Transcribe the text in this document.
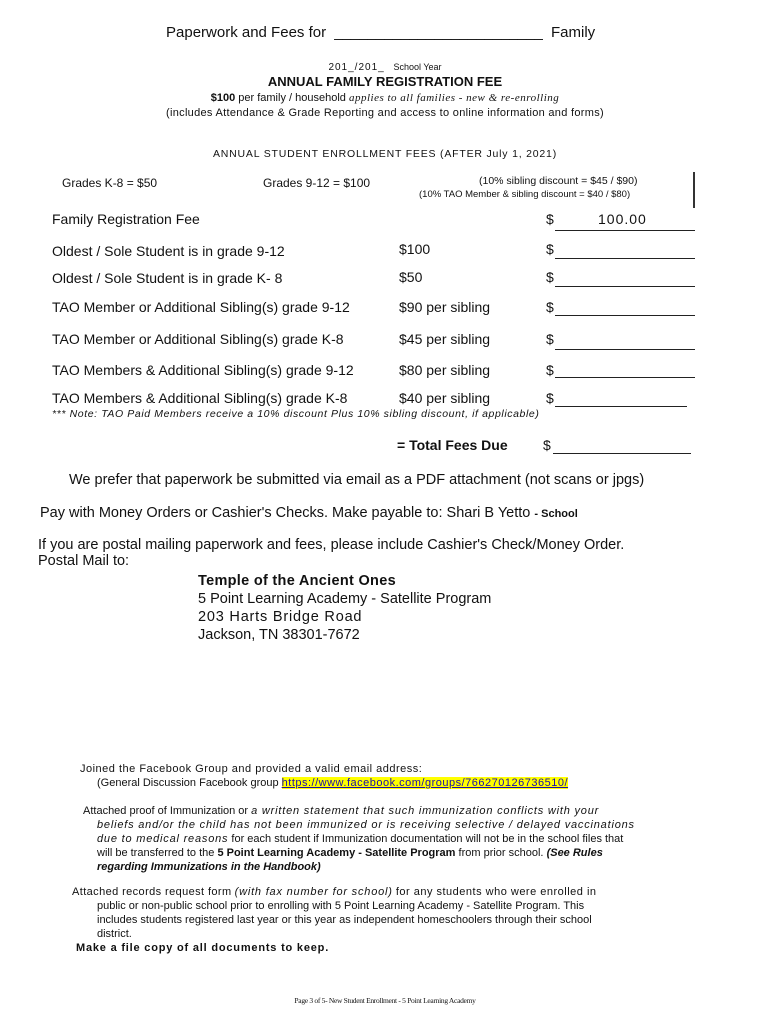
Paperwork and Fees for _________________________ Family
201_/201_ School Year
ANNUAL FAMILY REGISTRATION FEE
$100 per family / household applies to all families - new & re-enrolling
(includes Attendance & Grade Reporting and access to online information and forms)
ANNUAL STUDENT ENROLLMENT FEES (AFTER July 1, 2021)
Grades K-8 = $50	Grades 9-12 = $100	(10% sibling discount = $45 / $90)
(10% TAO Member & sibling discount = $40 / $80)
Family Registration Fee	$	100.00
Oldest / Sole Student is in grade 9-12	$100	$
Oldest / Sole Student is in grade K- 8	$50	$
TAO Member or Additional Sibling(s) grade 9-12	$90 per sibling	$
TAO Member or Additional Sibling(s) grade K-8	$45 per sibling	$
TAO Members & Additional Sibling(s) grade 9-12	$80 per sibling	$
TAO Members & Additional Sibling(s) grade K-8	$40 per sibling	$
*** Note: TAO Paid Members receive a 10% discount Plus 10% sibling discount, if applicable)
= Total Fees Due	$
We prefer that paperwork be submitted via email as a PDF attachment (not scans or jpgs)
Pay with Money Orders or Cashier's Checks. Make payable to: Shari B Yetto - School
If you are postal mailing paperwork and fees, please include Cashier's Check/Money Order.
Postal Mail to:
Temple of the Ancient Ones
5 Point Learning Academy - Satellite Program
203 Harts Bridge Road
Jackson, TN 38301-7672
Joined the Facebook Group and provided a valid email address:
(General Discussion Facebook group https://www.facebook.com/groups/766270126736510/
Attached proof of Immunization or a written statement that such immunization conflicts with your
beliefs and/or the child has not been immunized or is receiving selective / delayed vaccinations
due to medical reasons for each student if Immunization documentation will not be in the school files that
will be transferred to the 5 Point Learning Academy - Satellite Program from prior school. (See Rules
regarding Immunizations in the Handbook)
Attached records request form (with fax number for school) for any students who were enrolled in
public or non-public school prior to enrolling with 5 Point Learning Academy - Satellite Program. This
includes students registered last year or this year as independent homeschoolers through their school
district.
Make a file copy of all documents to keep.
Page 3 of 5- New Student Enrollment - 5 Point Learning Academy
